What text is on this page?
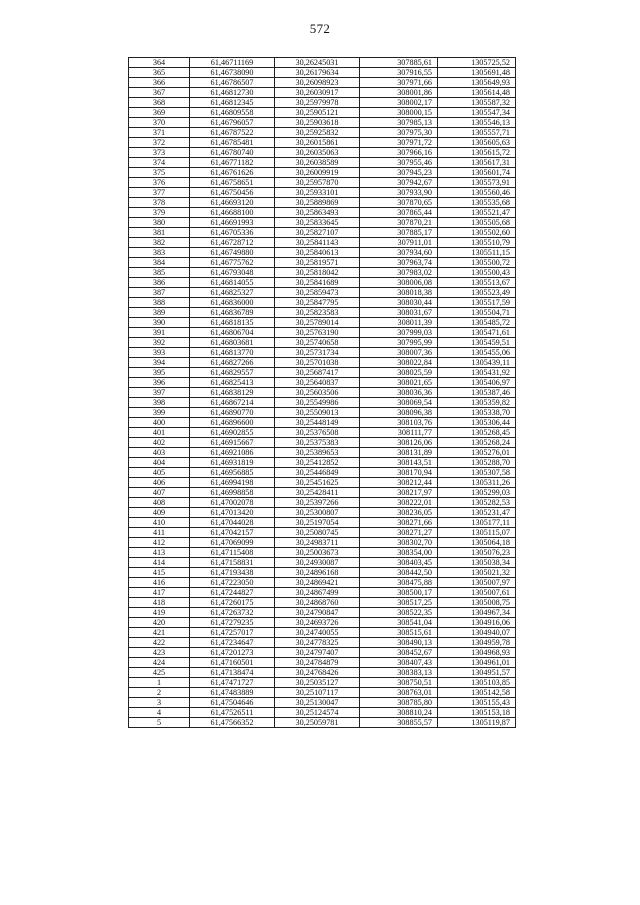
572
364	61,46711169	30,26245031	307885,61	1305725,52
365	61,46738090	30,26179634	307916,55	1305691,48
366	61,46786507	30,26098923	307971,66	1305649,93
367	61,46812730	30,26030917	308001,86	1305614,48
368	61,46812345	30,25979978	308002,17	1305587,32
369	61,46809558	30,25905121	308000,15	1305547,34
370	61,46796057	30,25903618	307985,13	1305546,13
371	61,46787522	30,25925832	307975,30	1305557,71
372	61,46785481	30,26015861	307971,72	1305605,63
373	61,46780740	30,26035063	307966,16	1305615,72
374	61,46771182	30,26038589	307955,46	1305617,31
375	61,46761626	30,26009919	307945,23	1305601,74
376	61,46758651	30,25957870	307942,67	1305573,91
377	61,46750456	30,25933101	307933,90	1305560,46
378	61,46693120	30,25889869	307870,65	1305535,68
379	61,46688100	30,25863493	307865,44	1305521,47
380	61,46691993	30,25833645	307870,21	1305505,68
381	61,46705336	30,25827107	307885,17	1305502,60
382	61,46728712	30,25841143	307911,01	1305510,79
383	61,46749880	30,25840613	307934,60	1305511,15
384	61,46775762	30,25819571	307963,74	1305500,72
385	61,46793048	30,25818042	307983,02	1305500,43
386	61,46814055	30,25841689	308006,08	1305513,67
387	61,46825327	30,25859473	308018,38	1305523,49
388	61,46836000	30,25847795	308030,44	1305517,59
389	61,46836789	30,25823583	308031,67	1305504,71
390	61,46818135	30,25789014	308011,39	1305485,72
391	61,46806704	30,25763190	307999,03	1305471,61
392	61,46803681	30,25740658	307995,99	1305459,51
393	61,46813770	30,25731734	308007,36	1305455,06
394	61,46827266	30,25701038	308022,84	1305439,11
395	61,46829557	30,25687417	308025,59	1305431,92
396	61,46825413	30,25640837	308021,65	1305406,97
397	61,46838129	30,25603506	308036,36	1305387,46
398	61,46867214	30,25549986	308069,54	1305359,82
399	61,46890770	30,25509013	308096,38	1305338,70
400	61,46896600	30,25448149	308103,76	1305306,44
401	61,46902855	30,25376508	308111,77	1305268,45
402	61,46915667	30,25375383	308126,06	1305268,24
403	61,46921086	30,25389653	308131,89	1305276,01
404	61,46931819	30,25412852	308143,51	1305288,70
405	61,46956885	30,25446849	308170,94	1305307,58
406	61,46994198	30,25451625	308212,44	1305311,26
407	61,46998858	30,25428411	308217,97	1305299,03
408	61,47002078	30,25397266	308222,01	1305282,53
409	61,47013420	30,25300807	308236,05	1305231,47
410	61,47044028	30,25197054	308271,66	1305177,11
411	61,47042157	30,25080745	308271,27	1305115,07
412	61,47069099	30,24983711	308302,70	1305064,18
413	61,47115408	30,25003673	308354,00	1305076,23
414	61,47158831	30,24930087	308403,45	1305038,34
415	61,47193438	30,24896168	308442,50	1305021,32
416	61,47223050	30,24869421	308475,88	1305007,97
417	61,47244827	30,24867499	308500,17	1305007,61
418	61,47260175	30,24868760	308517,25	1305008,75
419	61,47263732	30,24790847	308522,35	1304967,34
420	61,47279235	30,24693726	308541,04	1304916,06
421	61,47257017	30,24740055	308515,61	1304940,07
422	61,47234647	30,24778325	308490,13	1304959,78
423	61,47201273	30,24797407	308452,67	1304968,93
424	61,47160501	30,24784879	308407,43	1304961,01
425	61,47138474	30,24768426	308383,13	1304951,57
1	61,47471727	30,25035127	308750,51	1305103,85
2	61,47483889	30,25107117	308763,01	1305142,58
3	61,47504646	30,25130047	308785,80	1305155,43
4	61,47526511	30,25124574	308810,24	1305153,18
5	61,47566352	30,25059781	308855,57	1305119,87
